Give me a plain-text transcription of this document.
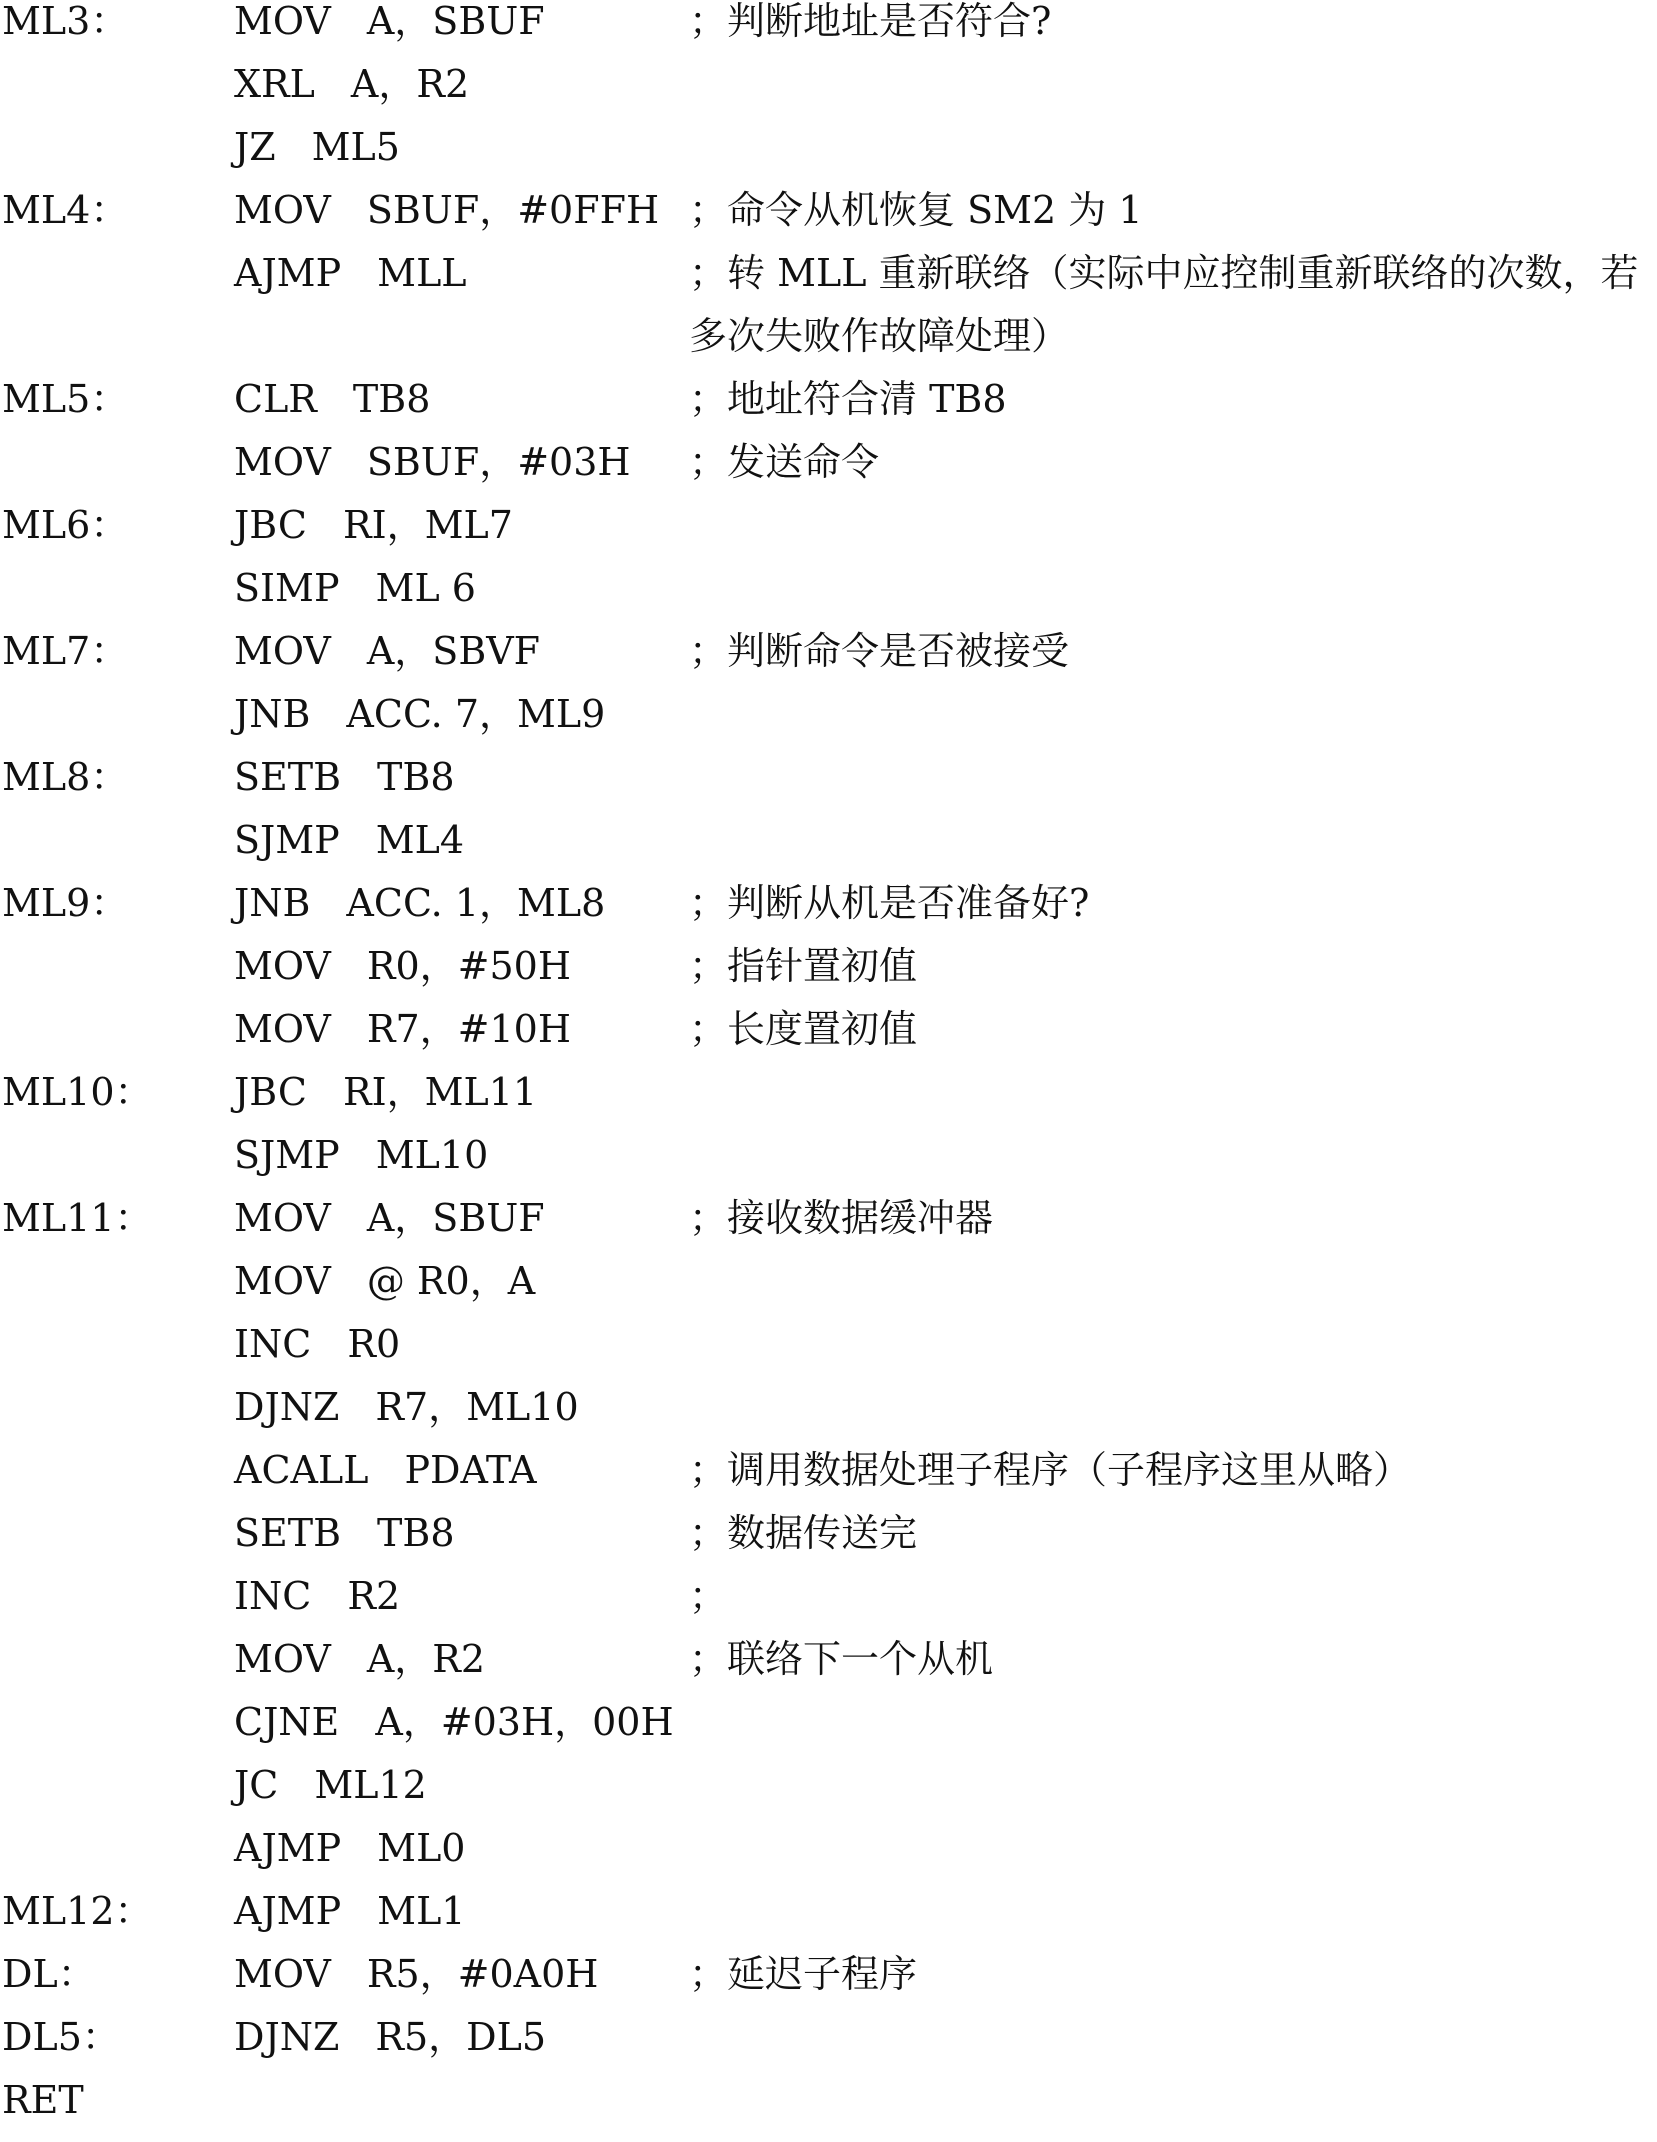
ML3：	MOV A，SBUF	；判断地址是否符合?
XRL A，R2
JZ ML5
ML4：	MOV SBUF，#0FFH ；命令从机恢复 SM2 为 1
AJMP MLL	；转 MLL 重新联络（实际中应控制重新联络的次数，若多次失败作故障处理）
ML5：	CLR TB8	；地址符合清 TB8
MOV SBUF，#03H ；发送命令
ML6：	JBC RI，ML7
SIMP ML 6
ML7：	MOV A，SBVF	；判断命令是否被接受
JNB ACC. 7，ML9
ML8：	SETB TB8
SJMP ML4
ML9：	JNB ACC. 1，ML8 ；判断从机是否准备好?
MOV R0，#50H	；指针置初值
MOV R7，#10H	；长度置初值
ML10：	JBC RI，ML11
SJMP ML10
ML11：	MOV A，SBUF	；接收数据缓冲器
MOV @ R0，A
INC R0
DJNZ R7，ML10
ACALL PDATA	；调用数据处理子程序（子程序这里从略）
SETB TB8	；数据传送完
INC R2	；
MOV A，R2	；联络下一个从机
CJNE A，#03H，00H
JC ML12
AJMP ML0
ML12：	AJMP ML1
DL：	MOV R5，#0A0H ；延迟子程序
DL5：	DJNZ R5，DL5
RET
